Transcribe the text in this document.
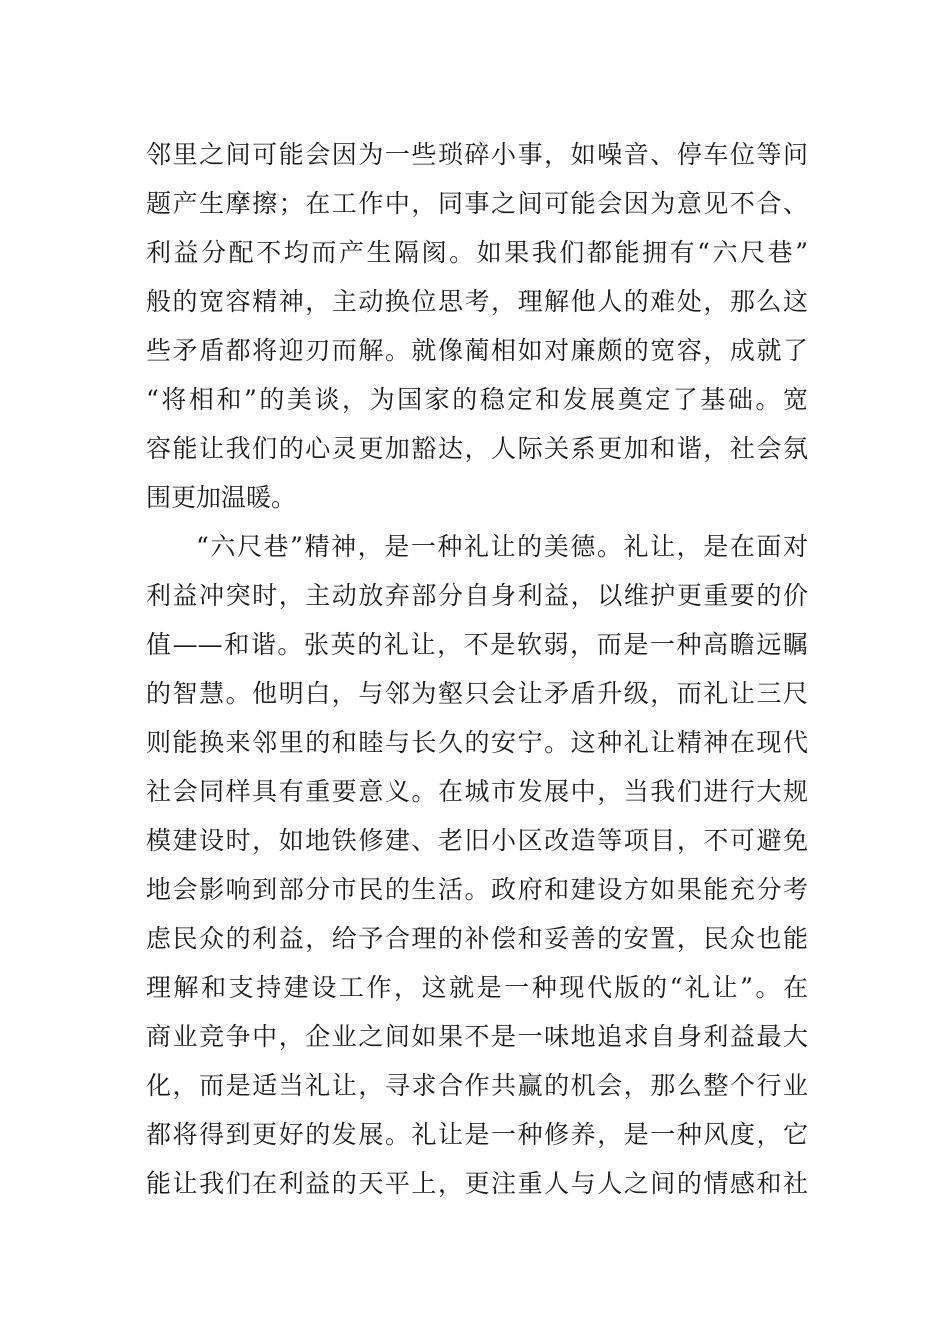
邻里之间可能会因为一些琐碎小事，如噪音、停车位等问
题产生摩擦；在工作中，同事之间可能会因为意见不合、
利益分配不均而产生隔阂。如果我们都能拥有“六尺巷”
般的宽容精神，主动换位思考，理解他人的难处，那么这
些矛盾都将迎刃而解。就像蔺相如对廉颇的宽容，成就了
“将相和”的美谈，为国家的稳定和发展奠定了基础。宽
容能让我们的心灵更加豁达，人际关系更加和谐，社会氛
围更加温暖。
“六尺巷”精神，是一种礼让的美德。礼让，是在面对
利益冲突时，主动放弃部分自身利益，以维护更重要的价
值——和谐。张英的礼让，不是软弱，而是一种高瞻远瞩
的智慧。他明白，与邻为壑只会让矛盾升级，而礼让三尺
则能换来邻里的和睦与长久的安宁。这种礼让精神在现代
社会同样具有重要意义。在城市发展中，当我们进行大规
模建设时，如地铁修建、老旧小区改造等项目，不可避免
地会影响到部分市民的生活。政府和建设方如果能充分考
虑民众的利益，给予合理的补偿和妥善的安置，民众也能
理解和支持建设工作，这就是一种现代版的“礼让”。在
商业竞争中，企业之间如果不是一味地追求自身利益最大
化，而是适当礼让，寻求合作共赢的机会，那么整个行业
都将得到更好的发展。礼让是一种修养，是一种风度，它
能让我们在利益的天平上，更注重人与人之间的情感和社
